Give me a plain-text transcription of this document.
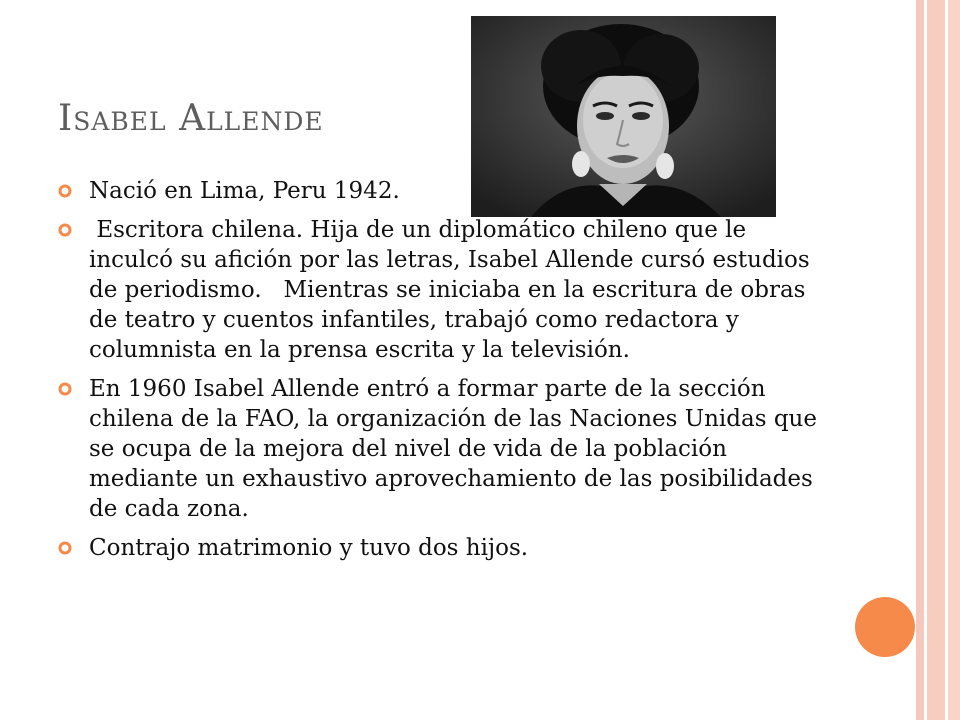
Isabel Allende
Nació en Lima, Peru 1942.
Escritora chilena. Hija de un diplomático chileno que le inculcó su afición por las letras, Isabel Allende cursó estudios de periodismo.   Mientras se iniciaba en la escritura de obras de teatro y cuentos infantiles, trabajó como redactora y columnista en la prensa escrita y la televisión.
En 1960 Isabel Allende entró a formar parte de la sección chilena de la FAO, la organización de las Naciones Unidas que se ocupa de la mejora del nivel de vida de la población mediante un exhaustivo aprovechamiento de las posibilidades de cada zona.
Contrajo matrimonio y tuvo dos hijos.
